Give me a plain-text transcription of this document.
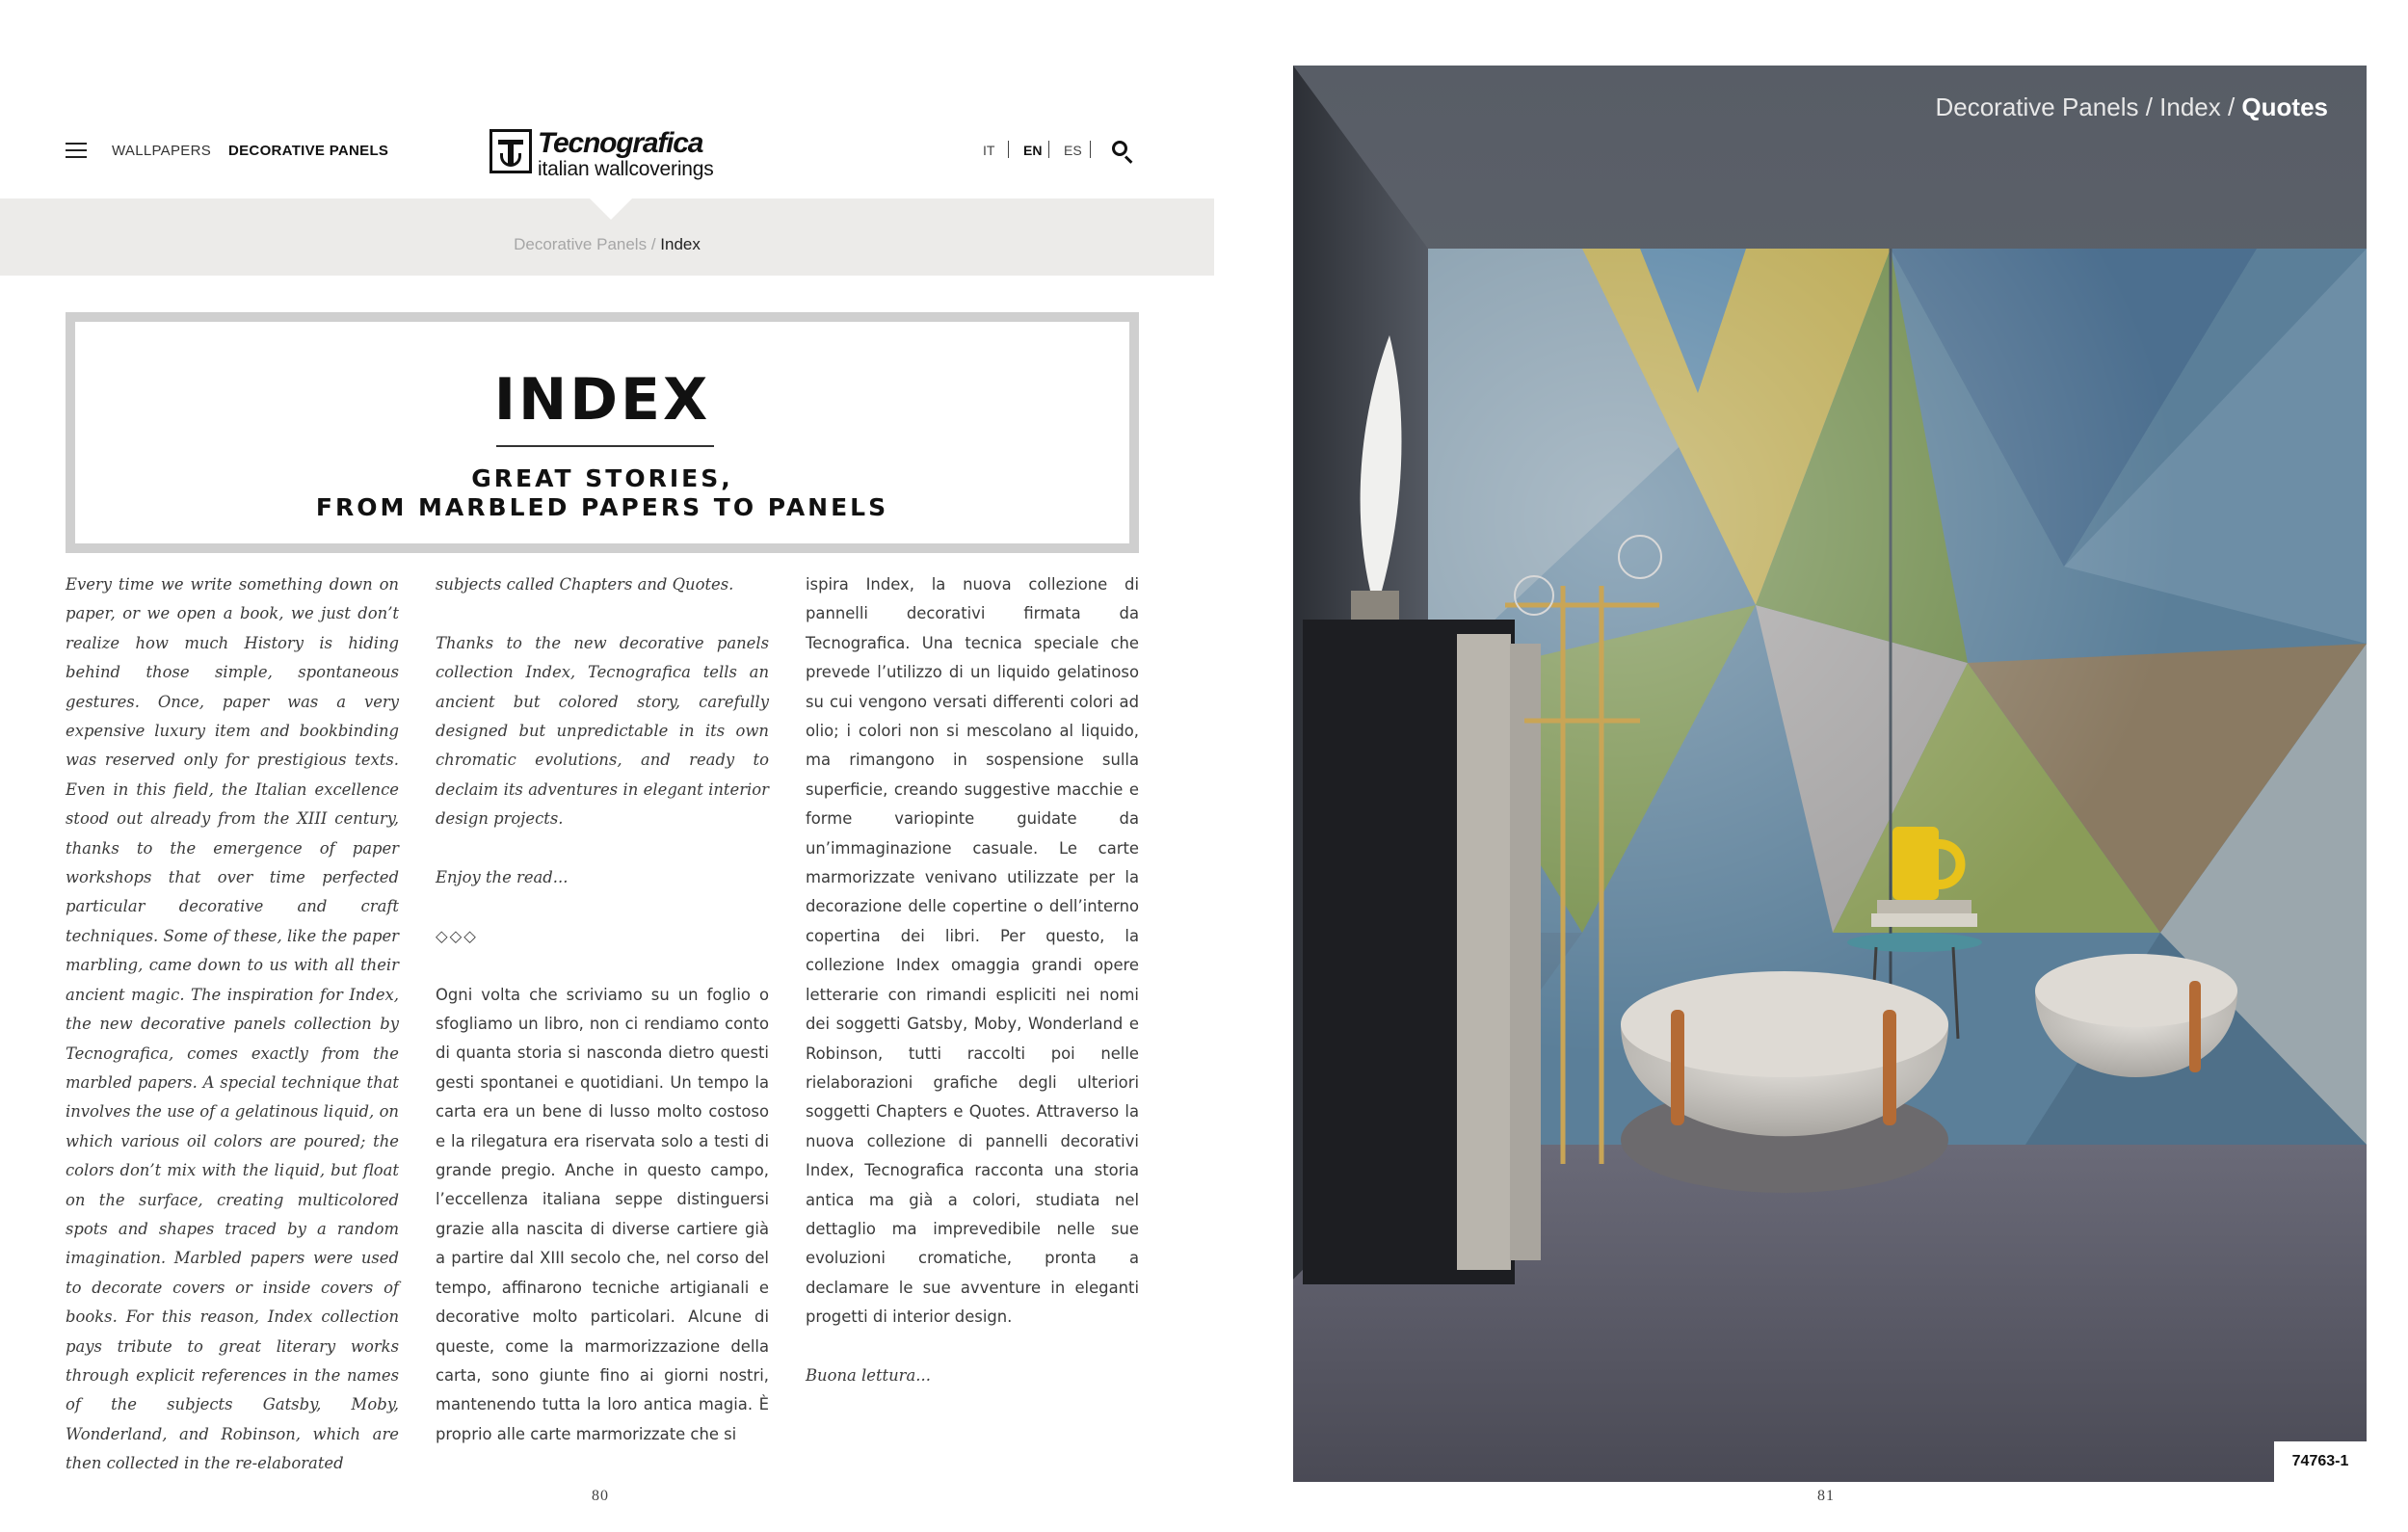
WALLPAPERS DECORATIVE PANELS	Tecnografica
italian wallcoverings
IT EN ES
Decorative Panels / Index
INDEX
GREAT STORIES,
FROM MARBLED PAPERS TO PANELS

Every time we write something down on paper, or we open a book, we just don’t realize how much History is hiding behind those simple, spontaneous gestures. Once, paper was a very expensive luxury item and bookbinding was reserved only for prestigious texts. Even in this field, the Italian excellence stood out already from the XIII century, thanks to the emergence of paper workshops that over time perfected particular decorative and craft techniques. Some of these, like the paper marbling, came down to us with all their ancient magic. The inspiration for Index, the new decorative panels collection by Tecnografica, comes exactly from the marbled papers. A special technique that involves the use of a gelatinous liquid, on which various oil colors are poured; the colors don’t mix with the liquid, but float on the surface, creating multicolored spots and shapes traced by a random imagination. Marbled papers were used to decorate covers or inside covers of books. For this reason, Index collection pays tribute to great literary works through explicit references in the names of the subjects Gatsby, Moby, Wonderland, and Robinson, which are then collected in the re-elaborated

subjects called Chapters and Quotes.

Thanks to the new decorative panels collection Index, Tecnografica tells an ancient but colored story, carefully designed but unpredictable in its own chromatic evolutions, and ready to declaim its adventures in elegant interior design projects.

Enjoy the read...

◇◇◇

Ogni volta che scriviamo su un foglio o sfogliamo un libro, non ci rendiamo conto di quanta storia si nasconda dietro questi gesti spontanei e quotidiani. Un tempo la carta era un bene di lusso molto costoso e la rilegatura era riservata solo a testi di grande pregio. Anche in questo campo, l’eccellenza italiana seppe distinguersi grazie alla nascita di diverse cartiere già a partire dal XIII secolo che, nel corso del tempo, affinarono tecniche artigianali e decorative molto particolari. Alcune di queste, come la marmorizzazione della carta, sono giunte fino ai giorni nostri, mantenendo tutta la loro antica magia. È proprio alle carte marmorizzate che si

ispira Index, la nuova collezione di pannelli decorativi firmata da Tecnografica. Una tecnica speciale che prevede l’utilizzo di un liquido gelatinoso su cui vengono versati differenti colori ad olio; i colori non si mescolano al liquido, ma rimangono in sospensione sulla superficie, creando suggestive macchie e forme variopinte guidate da un’immaginazione casuale. Le carte marmorizzate venivano utilizzate per la decorazione delle copertine o dell’interno copertina dei libri. Per questo, la collezione Index omaggia grandi opere letterarie con rimandi espliciti nei nomi dei soggetti Gatsby, Moby, Wonderland e Robinson, tutti raccolti poi nelle rielaborazioni grafiche degli ulteriori soggetti Chapters e Quotes. Attraverso la nuova collezione di pannelli decorativi Index, Tecnografica racconta una storia antica ma già a colori, studiata nel dettaglio ma imprevedibile nelle sue evoluzioni cromatiche, pronta a declamare le sue avventure in eleganti progetti di interior design.

Buona lettura...

80	81
Decorative Panels / Index / Quotes
74763-1
